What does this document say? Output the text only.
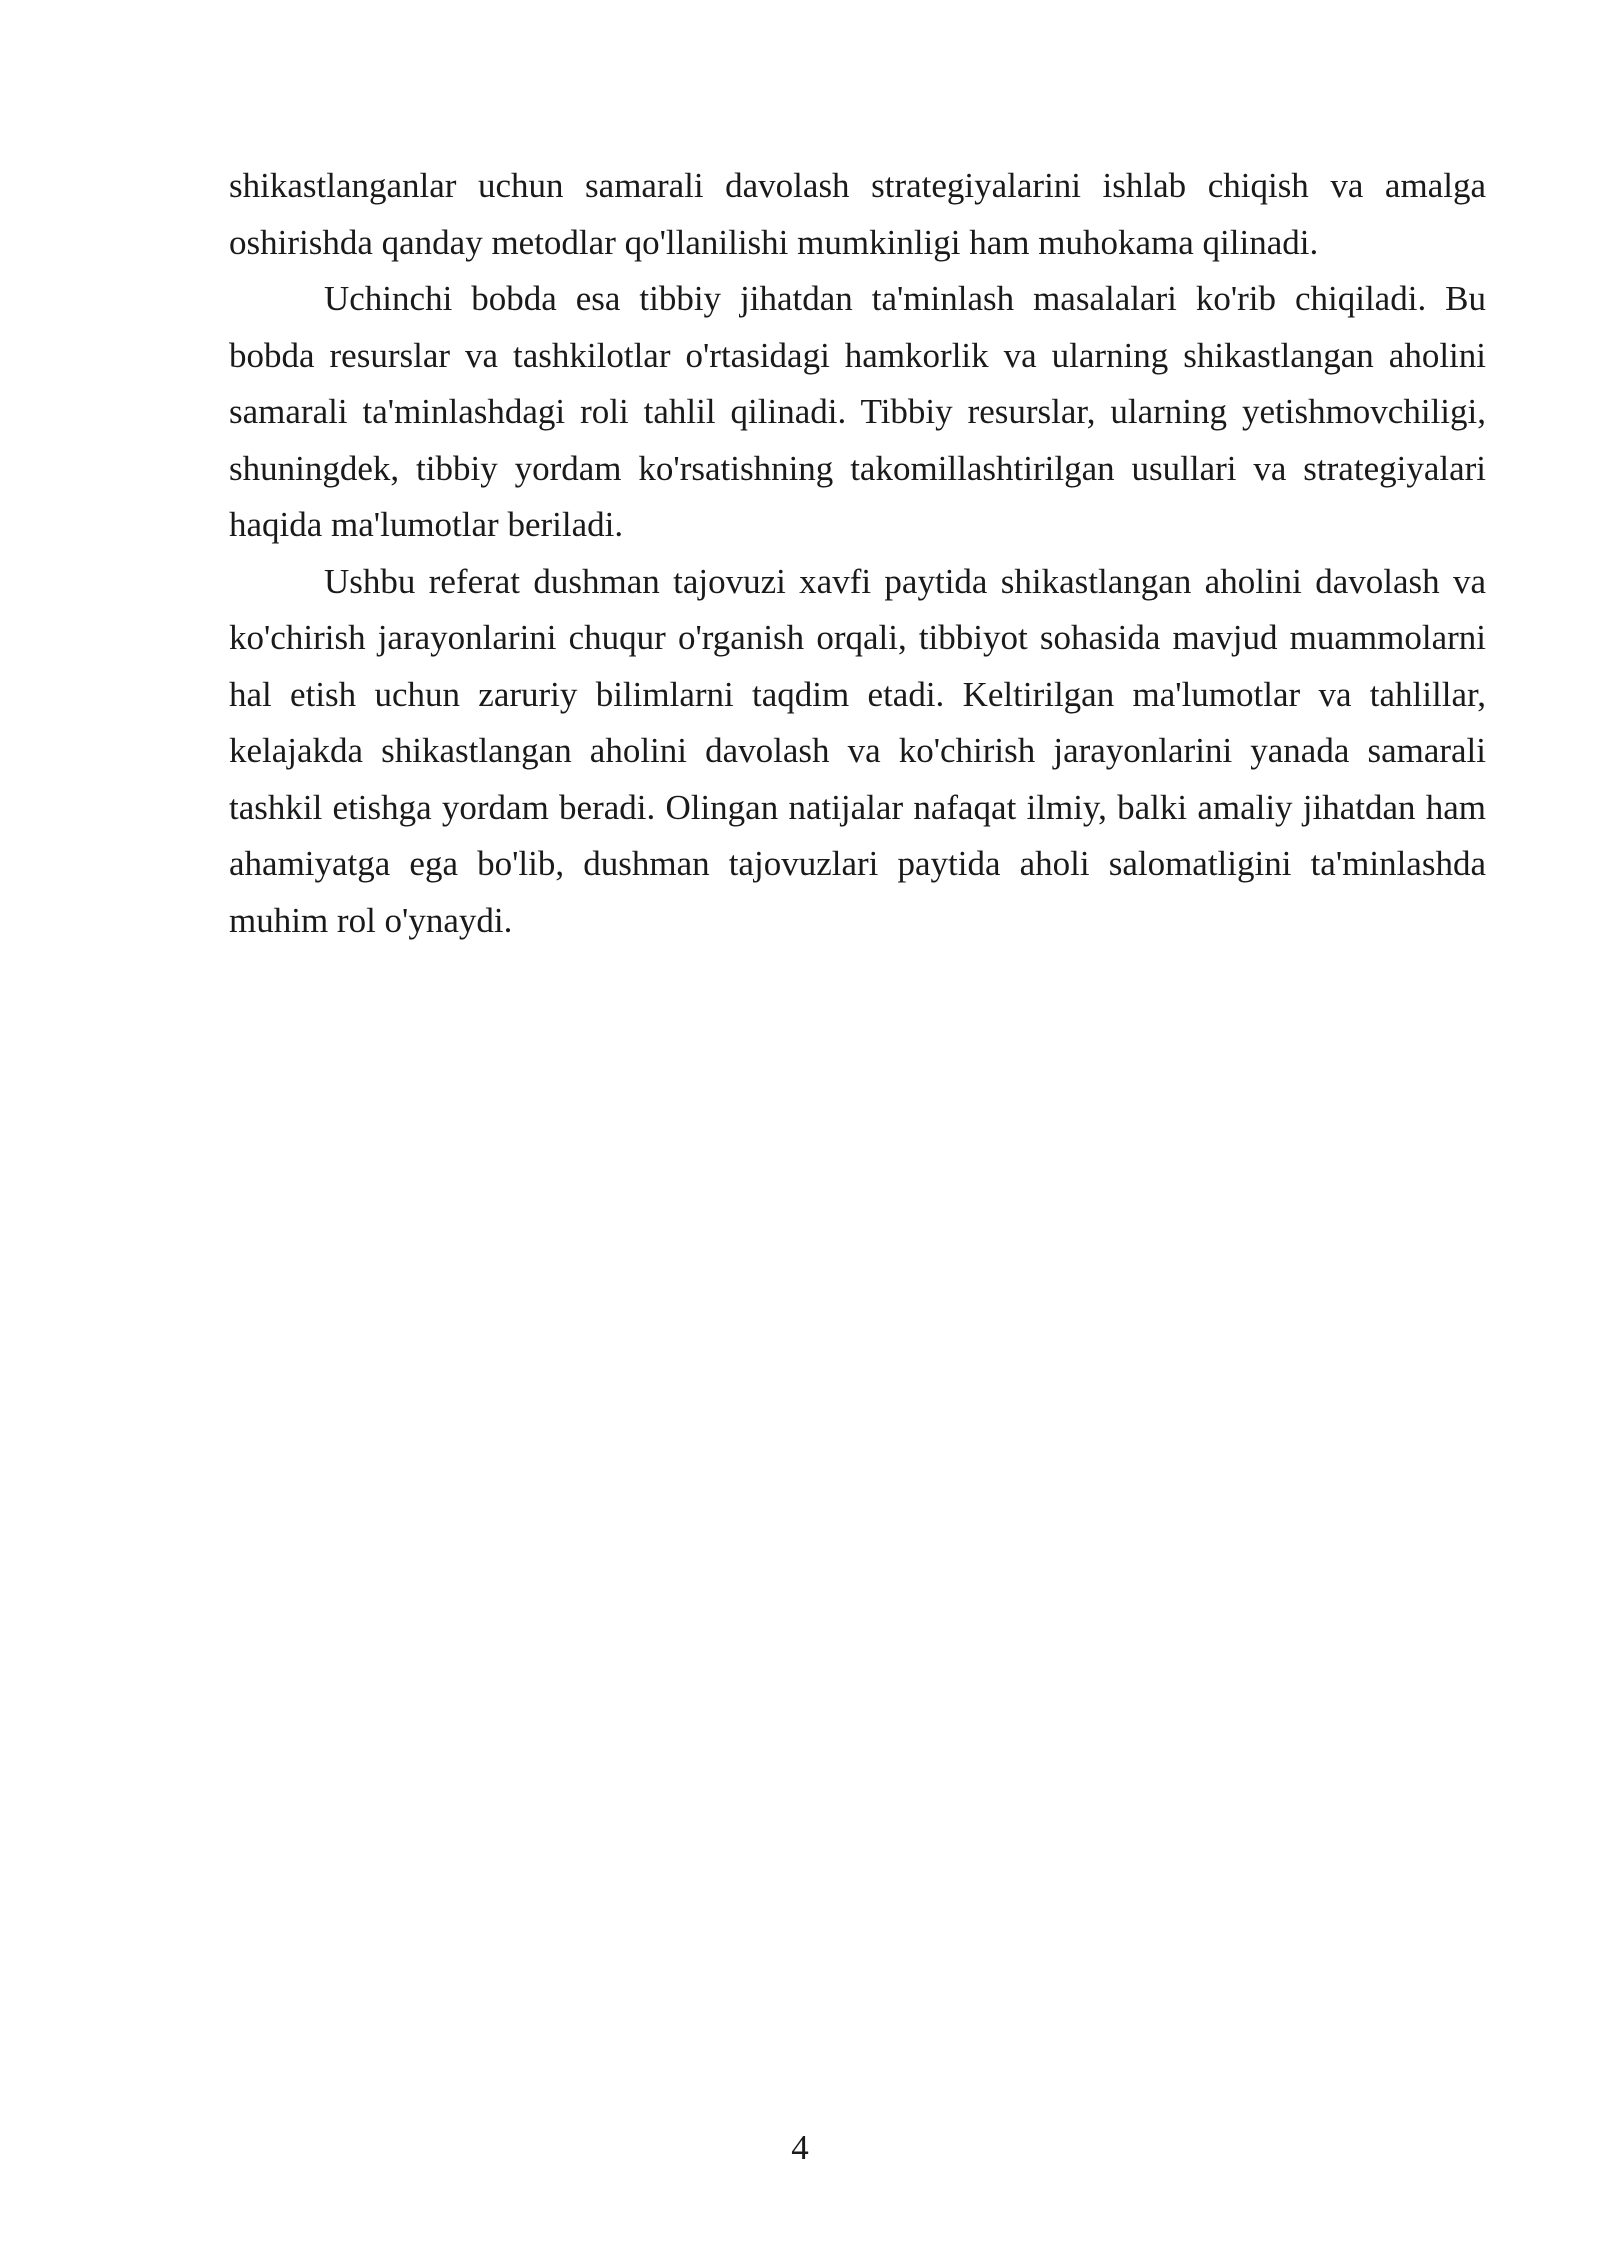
shikastlanganlar uchun samarali davolash strategiyalarini ishlab chiqish va amalga oshirishda qanday metodlar qo'llanilishi mumkinligi ham muhokama qilinadi.

Uchinchi bobda esa tibbiy jihatdan ta'minlash masalalari ko'rib chiqiladi. Bu bobda resurslar va tashkilotlar o'rtasidagi hamkorlik va ularning shikastlangan aholini samarali ta'minlashdagi roli tahlil qilinadi. Tibbiy resurslar, ularning yetishmovchiligi, shuningdek, tibbiy yordam ko'rsatishning takomillashtirilgan usullari va strategiyalari haqida ma'lumotlar beriladi.

Ushbu referat dushman tajovuzi xavfi paytida shikastlangan aholini davolash va ko'chirish jarayonlarini chuqur o'rganish orqali, tibbiyot sohasida mavjud muammolarni hal etish uchun zaruriy bilimlarni taqdim etadi. Keltirilgan ma'lumotlar va tahlillar, kelajakda shikastlangan aholini davolash va ko'chirish jarayonlarini yanada samarali tashkil etishga yordam beradi. Olingan natijalar nafaqat ilmiy, balki amaliy jihatdan ham ahamiyatga ega bo'lib, dushman tajovuzlari paytida aholi salomatligini ta'minlashda muhim rol o'ynaydi.

4
